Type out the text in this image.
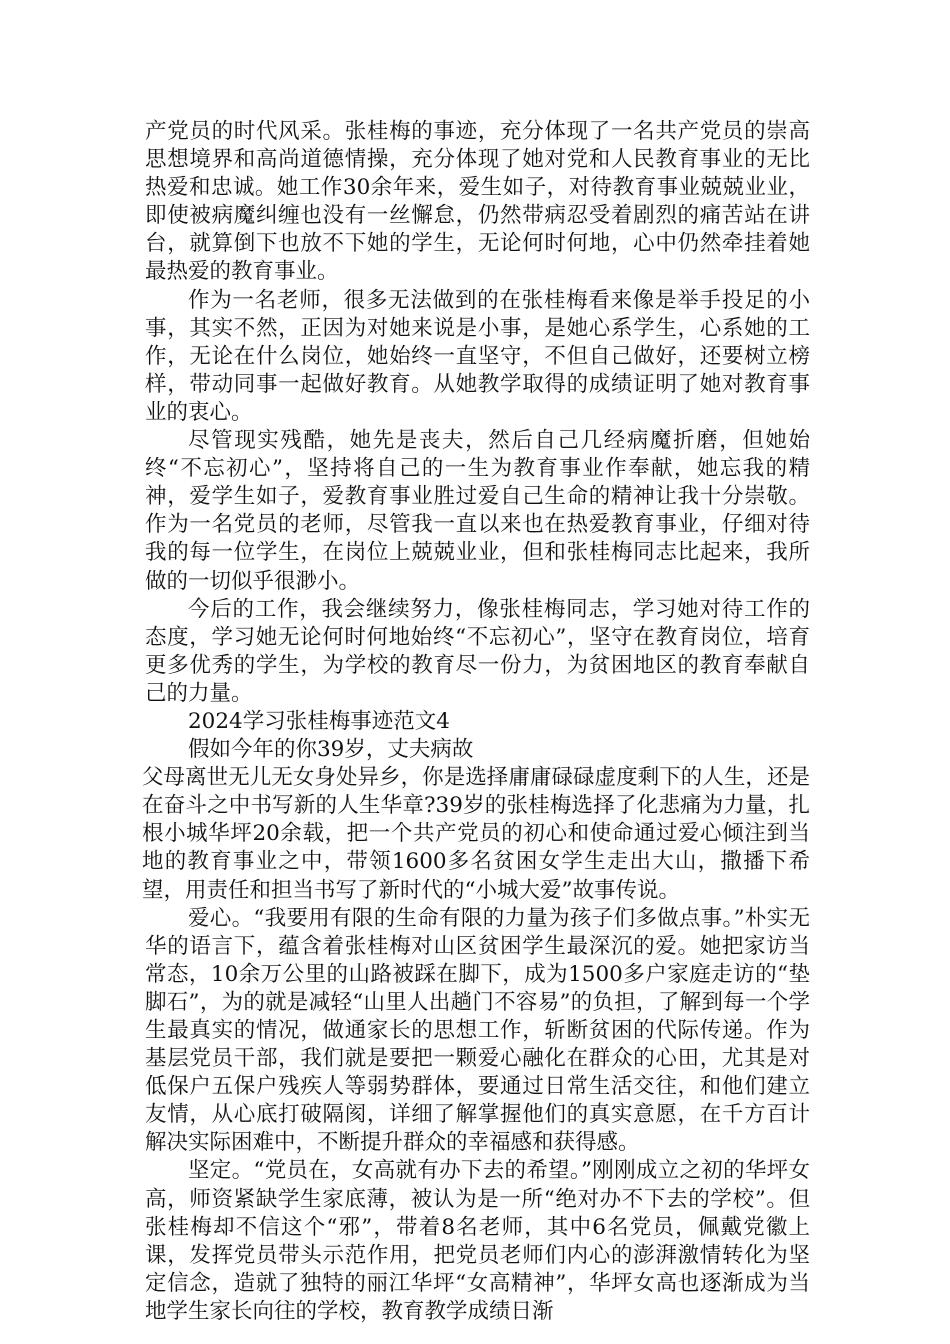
产党员的时代风采。张桂梅的事迹，充分体现了一名共产党员的崇高思想境界和高尚道德情操，充分体现了她对党和人民教育事业的无比热爱和忠诚。她工作30余年来，爱生如子，对待教育事业兢兢业业，即使被病魔纠缠也没有一丝懈怠，仍然带病忍受着剧烈的痛苦站在讲台，就算倒下也放不下她的学生，无论何时何地，心中仍然牵挂着她最热爱的教育事业。

作为一名老师，很多无法做到的在张桂梅看来像是举手投足的小事，其实不然，正因为对她来说是小事，是她心系学生，心系她的工作，无论在什么岗位，她始终一直坚守，不但自己做好，还要树立榜样，带动同事一起做好教育。从她教学取得的成绩证明了她对教育事业的衷心。

尽管现实残酷，她先是丧夫，然后自己几经病魔折磨，但她始终“不忘初心”，坚持将自己的一生为教育事业作奉献，她忘我的精神，爱学生如子，爱教育事业胜过爱自己生命的精神让我十分崇敬。作为一名党员的老师，尽管我一直以来也在热爱教育事业，仔细对待我的每一位学生，在岗位上兢兢业业，但和张桂梅同志比起来，我所做的一切似乎很渺小。

今后的工作，我会继续努力，像张桂梅同志，学习她对待工作的态度，学习她无论何时何地始终“不忘初心”，坚守在教育岗位，培育更多优秀的学生，为学校的教育尽一份力，为贫困地区的教育奉献自己的力量。

2024学习张桂梅事迹范文4

假如今年的你39岁，丈夫病故

父母离世无儿无女身处异乡，你是选择庸庸碌碌虚度剩下的人生，还是在奋斗之中书写新的人生华章?39岁的张桂梅选择了化悲痛为力量，扎根小城华坪20余载，把一个共产党员的初心和使命通过爱心倾注到当地的教育事业之中，带领1600多名贫困女学生走出大山，撒播下希望，用责任和担当书写了新时代的“小城大爱”故事传说。

爱心。“我要用有限的生命有限的力量为孩子们多做点事。”朴实无华的语言下，蕴含着张桂梅对山区贫困学生最深沉的爱。她把家访当常态，10余万公里的山路被踩在脚下，成为1500多户家庭走访的“垫脚石”，为的就是减轻“山里人出趟门不容易”的负担，了解到每一个学生最真实的情况，做通家长的思想工作，斩断贫困的代际传递。作为基层党员干部，我们就是要把一颗爱心融化在群众的心田，尤其是对低保户五保户残疾人等弱势群体，要通过日常生活交往，和他们建立友情，从心底打破隔阂，详细了解掌握他们的真实意愿，在千方百计解决实际困难中，不断提升群众的幸福感和获得感。

坚定。“党员在，女高就有办下去的希望。”刚刚成立之初的华坪女高，师资紧缺学生家底薄，被认为是一所“绝对办不下去的学校”。但张桂梅却不信这个“邪”，带着8名老师，其中6名党员，佩戴党徽上课，发挥党员带头示范作用，把党员老师们内心的澎湃激情转化为坚定信念，造就了独特的丽江华坪“女高精神”，华坪女高也逐渐成为当地学生家长向往的学校，教育教学成绩日渐
